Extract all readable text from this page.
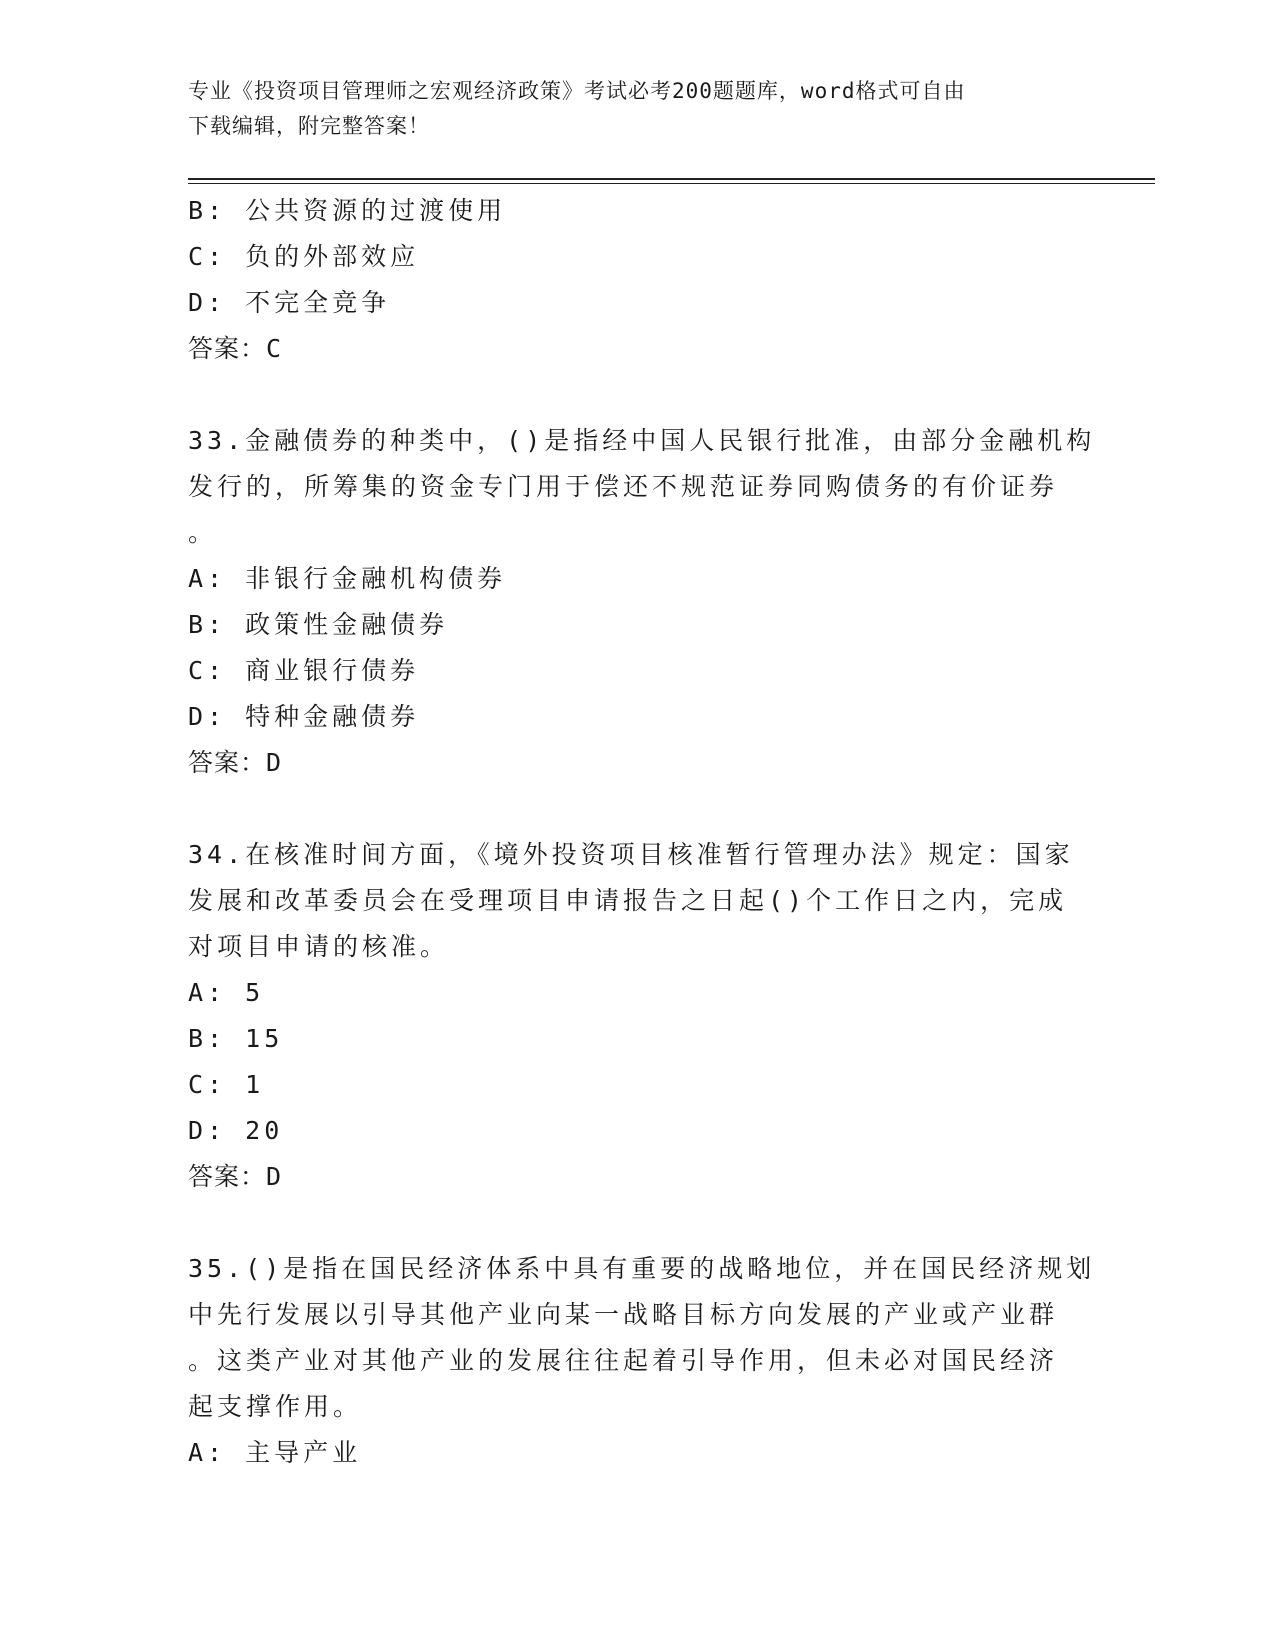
专业《投资项目管理师之宏观经济政策》考试必考200题题库，word格式可自由
下载编辑，附完整答案！
B: 公共资源的过渡使用
C: 负的外部效应
D: 不完全竞争
答案：C
33.金融债券的种类中，()是指经中国人民银行批准，由部分金融机构
发行的，所筹集的资金专门用于偿还不规范证券同购债务的有价证券
。
A: 非银行金融机构债券
B: 政策性金融债券
C: 商业银行债券
D: 特种金融债券
答案：D
34.在核准时间方面，《境外投资项目核准暂行管理办法》规定：国家
发展和改革委员会在受理项目申请报告之日起()个工作日之内，完成
对项目申请的核准。
A: 5
B: 15
C: 1
D: 20
答案：D
35.()是指在国民经济体系中具有重要的战略地位，并在国民经济规划
中先行发展以引导其他产业向某一战略目标方向发展的产业或产业群
。这类产业对其他产业的发展往往起着引导作用，但未必对国民经济
起支撑作用。
A: 主导产业
